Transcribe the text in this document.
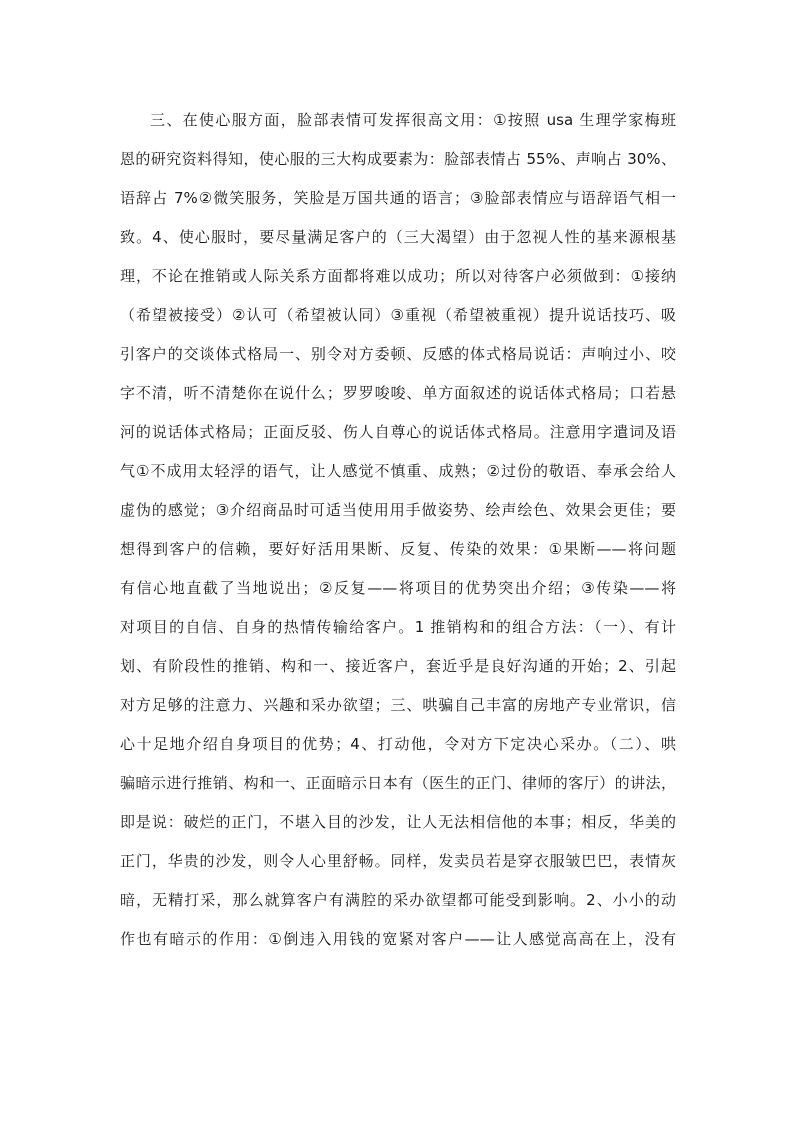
三、在使心服方面，脸部表情可发挥很高文用：①按照 usa 生理学家梅班
恩的研究资料得知，使心服的三大构成要素为：脸部表情占 55%、声响占 30%、
语辞占 7%②微笑服务，笑脸是万国共通的语言；③脸部表情应与语辞语气相一
致。4、使心服时，要尽量满足客户的（三大渴望）由于忽视人性的基来源根基
理，不论在推销或人际关系方面都将难以成功；所以对待客户必须做到：①接纳
（希望被接受）②认可（希望被认同）③重视（希望被重视）提升说话技巧、吸
引客户的交谈体式格局一、别令对方委顿、反感的体式格局说话：声响过小、咬
字不清，听不清楚你在说什么；罗罗唆唆、单方面叙述的说话体式格局；口若悬
河的说话体式格局；正面反驳、伤人自尊心的说话体式格局。注意用字遣词及语
气①不成用太轻浮的语气，让人感觉不慎重、成熟；②过份的敬语、奉承会给人
虚伪的感觉；③介绍商品时可适当使用用手做姿势、绘声绘色、效果会更佳；要
想得到客户的信赖，要好好活用果断、反复、传染的效果：①果断——将问题
有信心地直截了当地说出；②反复——将项目的优势突出介绍；③传染——将
对项目的自信、自身的热情传输给客户。1 推销构和的组合方法：（一）、有计
划、有阶段性的推销、构和一、接近客户，套近乎是良好沟通的开始；2、引起
对方足够的注意力、兴趣和采办欲望；三、哄骗自己丰富的房地产专业常识，信
心十足地介绍自身项目的优势；4、打动他，令对方下定决心采办。（二）、哄
骗暗示进行推销、构和一、正面暗示日本有（医生的正门、律师的客厅）的讲法，
即是说：破烂的正门，不堪入目的沙发，让人无法相信他的本事；相反，华美的
正门，华贵的沙发，则令人心里舒畅。同样，发卖员若是穿衣服皱巴巴，表情灰
暗，无精打采，那么就算客户有满腔的采办欲望都可能受到影响。2、小小的动
作也有暗示的作用：①倒违入用钱的宽紧对客户——让人感觉高高在上，没有
